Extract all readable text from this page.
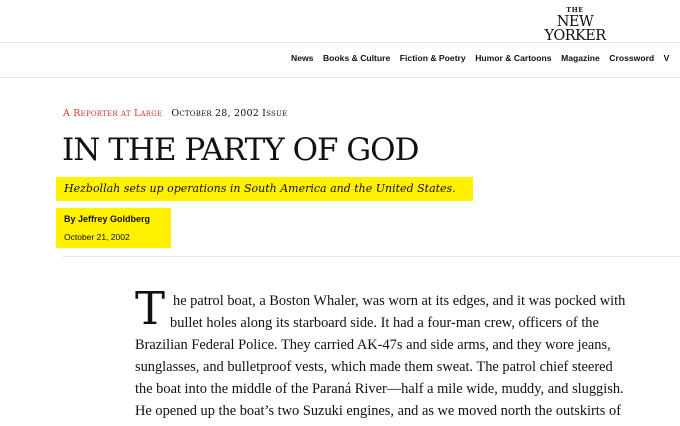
THE
NEW YORKER
News Books & Culture Fiction & Poetry Humor & Cartoons Magazine Crossword V
A Reporter at Large October 28, 2002 Issue
IN THE PARTY OF GOD
Hezbollah sets up operations in South America and the United States.
By Jeffrey Goldberg
October 21, 2002
T he patrol boat, a Boston Whaler, was worn at its edges, and it was pocked with
bullet holes along its starboard side. It had a four-man crew, officers of the
Brazilian Federal Police. They carried AK-47s and side arms, and they wore jeans,
sunglasses, and bulletproof vests, which made them sweat. The patrol chief steered
the boat into the middle of the Paraná River—half a mile wide, muddy, and sluggish.
He opened up the boat’s two Suzuki engines, and as we moved north the outskirts of
